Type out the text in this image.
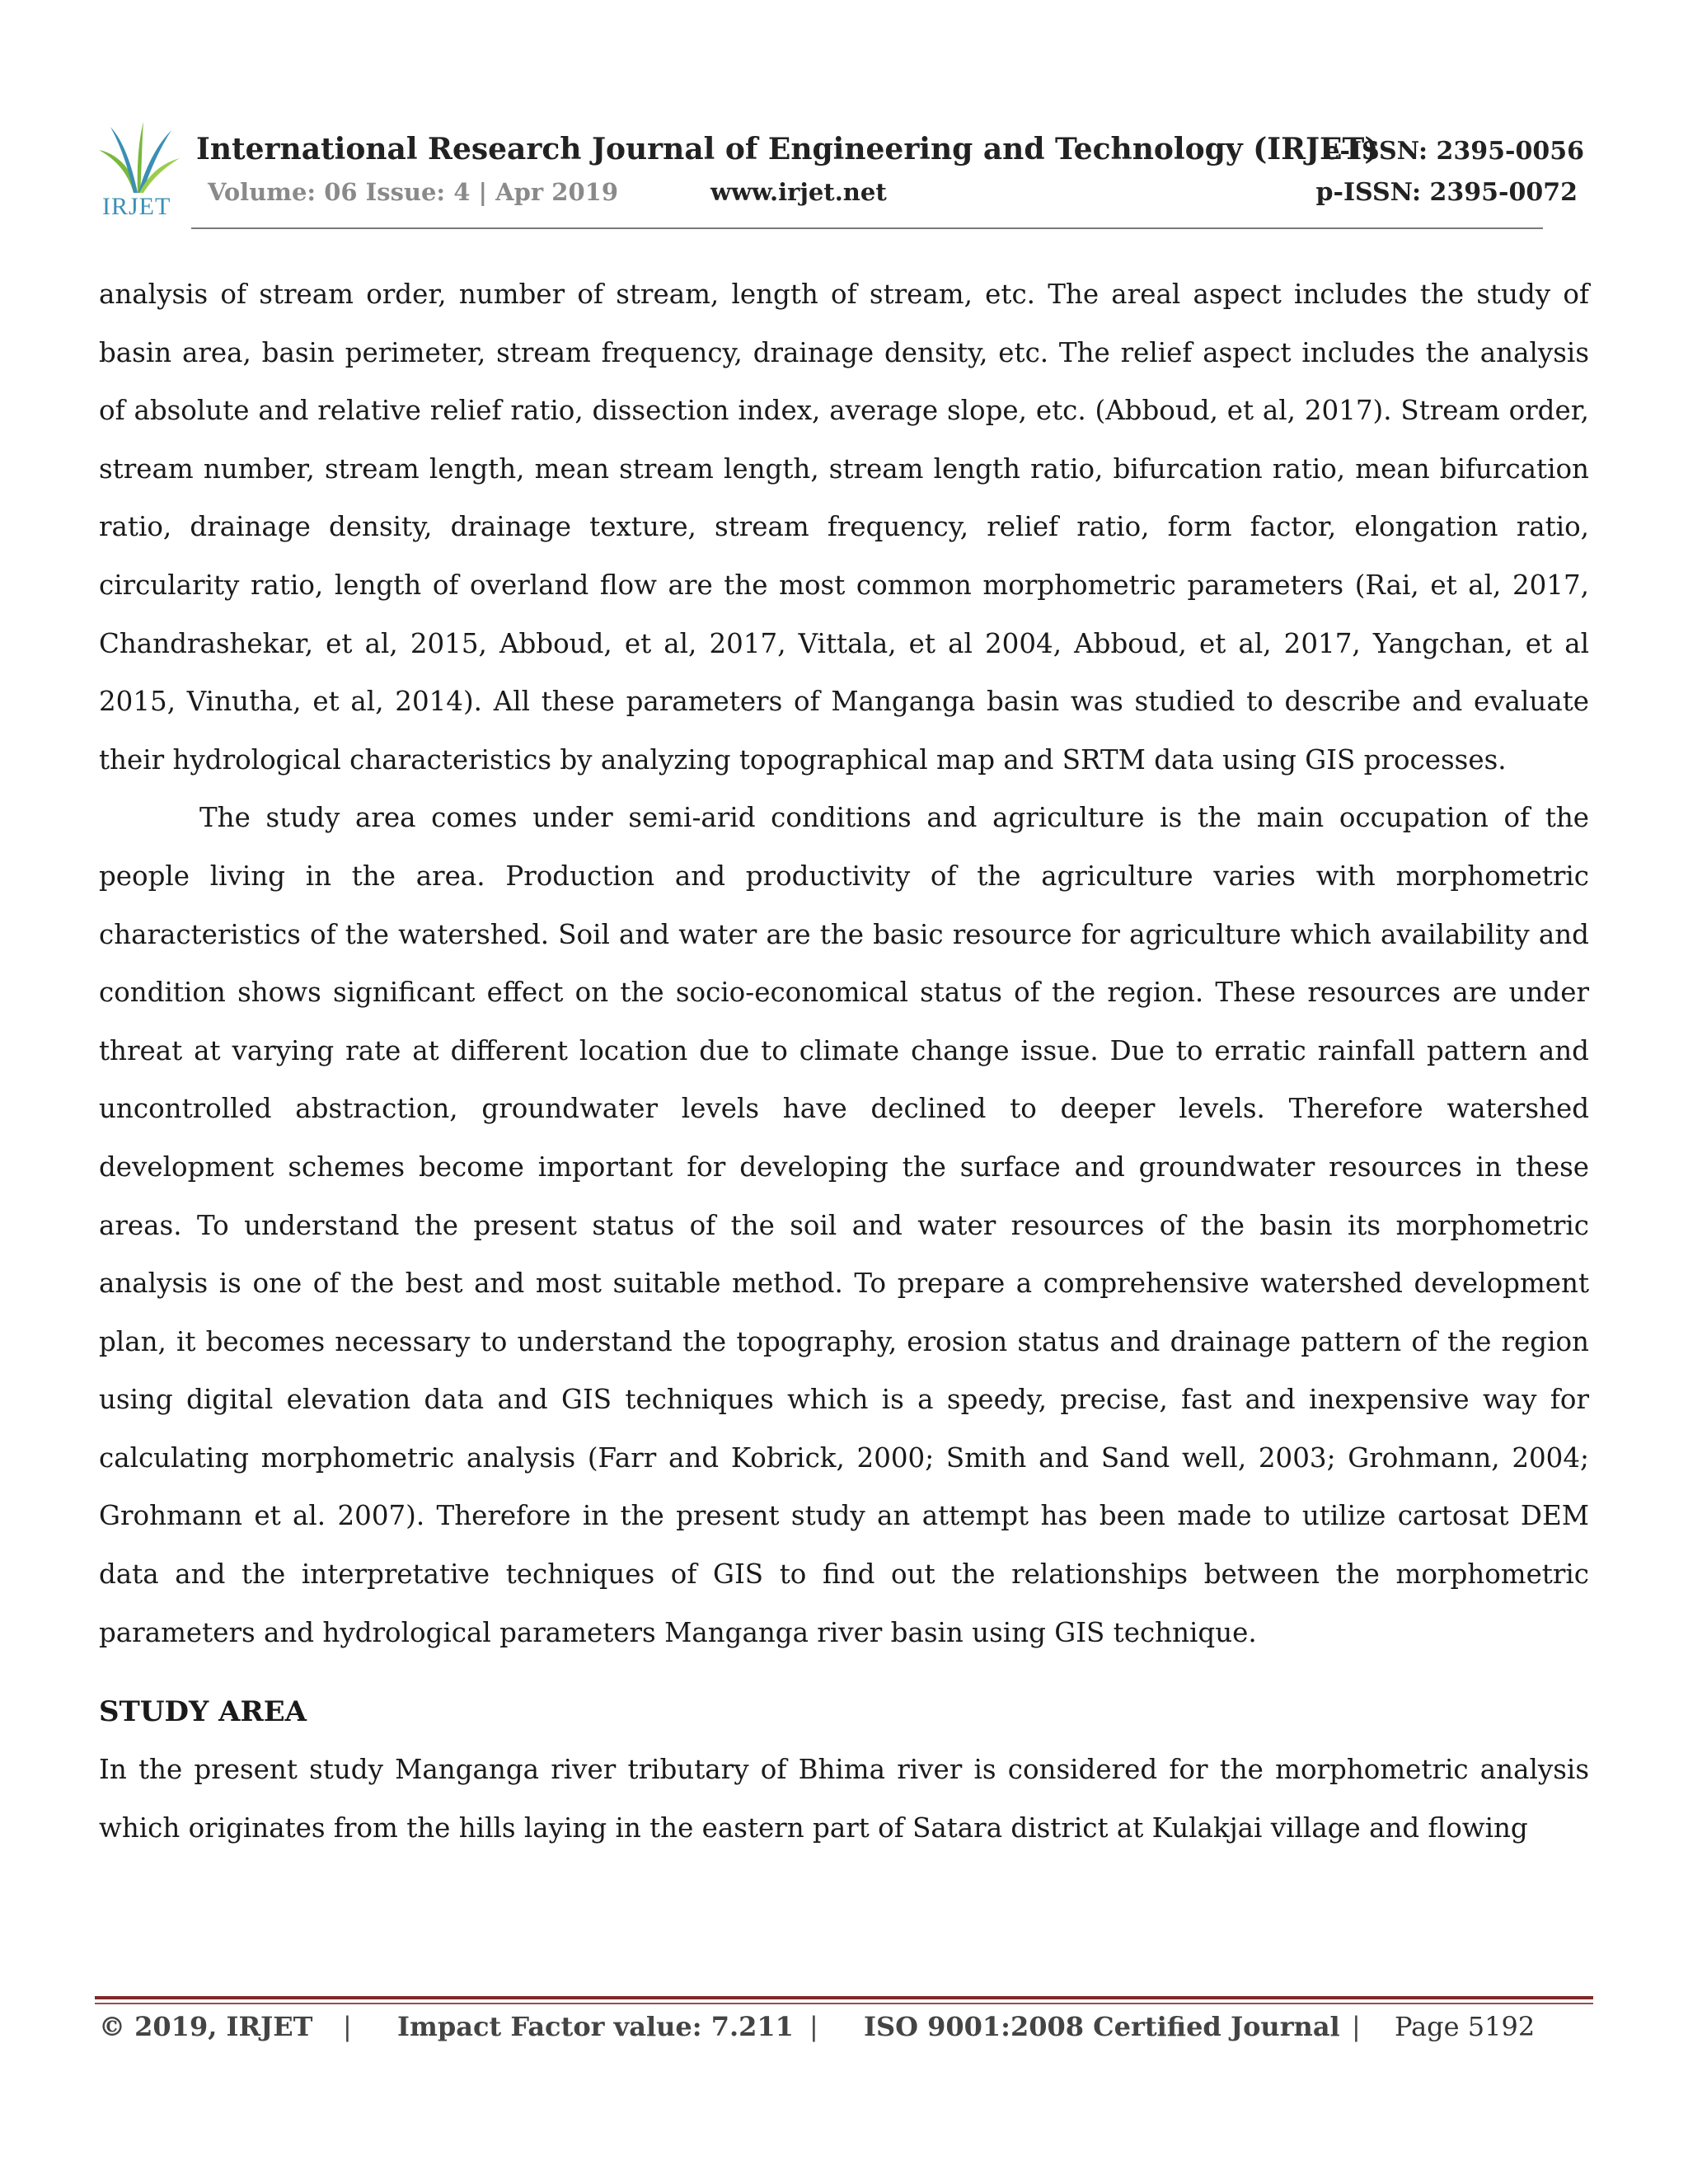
IRJET
International Research Journal of Engineering and Technology (IRJET)
Volume: 06 Issue: 4 | Apr 2019	www.irjet.net
e-ISSN: 2395-0056
p-ISSN: 2395-0072

analysis of stream order, number of stream, length of stream, etc. The areal aspect includes the study of basin area, basin perimeter, stream frequency, drainage density, etc. The relief aspect includes the analysis of absolute and relative relief ratio, dissection index, average slope, etc. (Abboud, et al, 2017). Stream order, stream number, stream length, mean stream length, stream length ratio, bifurcation ratio, mean bifurcation ratio, drainage density, drainage texture, stream frequency, relief ratio, form factor, elongation ratio, circularity ratio, length of overland flow are the most common morphometric parameters (Rai, et al, 2017, Chandrashekar, et al, 2015, Abboud, et al, 2017, Vittala, et al 2004, Abboud, et al, 2017, Yangchan, et al 2015, Vinutha, et al, 2014). All these parameters of Manganga basin was studied to describe and evaluate their hydrological characteristics by analyzing topographical map and SRTM data using GIS processes.

The study area comes under semi-arid conditions and agriculture is the main occupation of the people living in the area. Production and productivity of the agriculture varies with morphometric characteristics of the watershed. Soil and water are the basic resource for agriculture which availability and condition shows significant effect on the socio-economical status of the region. These resources are under threat at varying rate at different location due to climate change issue. Due to erratic rainfall pattern and uncontrolled abstraction, groundwater levels have declined to deeper levels. Therefore watershed development schemes become important for developing the surface and groundwater resources in these areas. To understand the present status of the soil and water resources of the basin its morphometric analysis is one of the best and most suitable method. To prepare a comprehensive watershed development plan, it becomes necessary to understand the topography, erosion status and drainage pattern of the region using digital elevation data and GIS techniques which is a speedy, precise, fast and inexpensive way for calculating morphometric analysis (Farr and Kobrick, 2000; Smith and Sand well, 2003; Grohmann, 2004; Grohmann et al. 2007). Therefore in the present study an attempt has been made to utilize cartosat DEM data and the interpretative techniques of GIS to find out the relationships between the morphometric parameters and hydrological parameters Manganga river basin using GIS technique.

STUDY AREA

In the present study Manganga river tributary of Bhima river is considered for the morphometric analysis which originates from the hills laying in the eastern part of Satara district at Kulakjai village and flowing

© 2019, IRJET | Impact Factor value: 7.211 | ISO 9001:2008 Certified Journal | Page 5192
